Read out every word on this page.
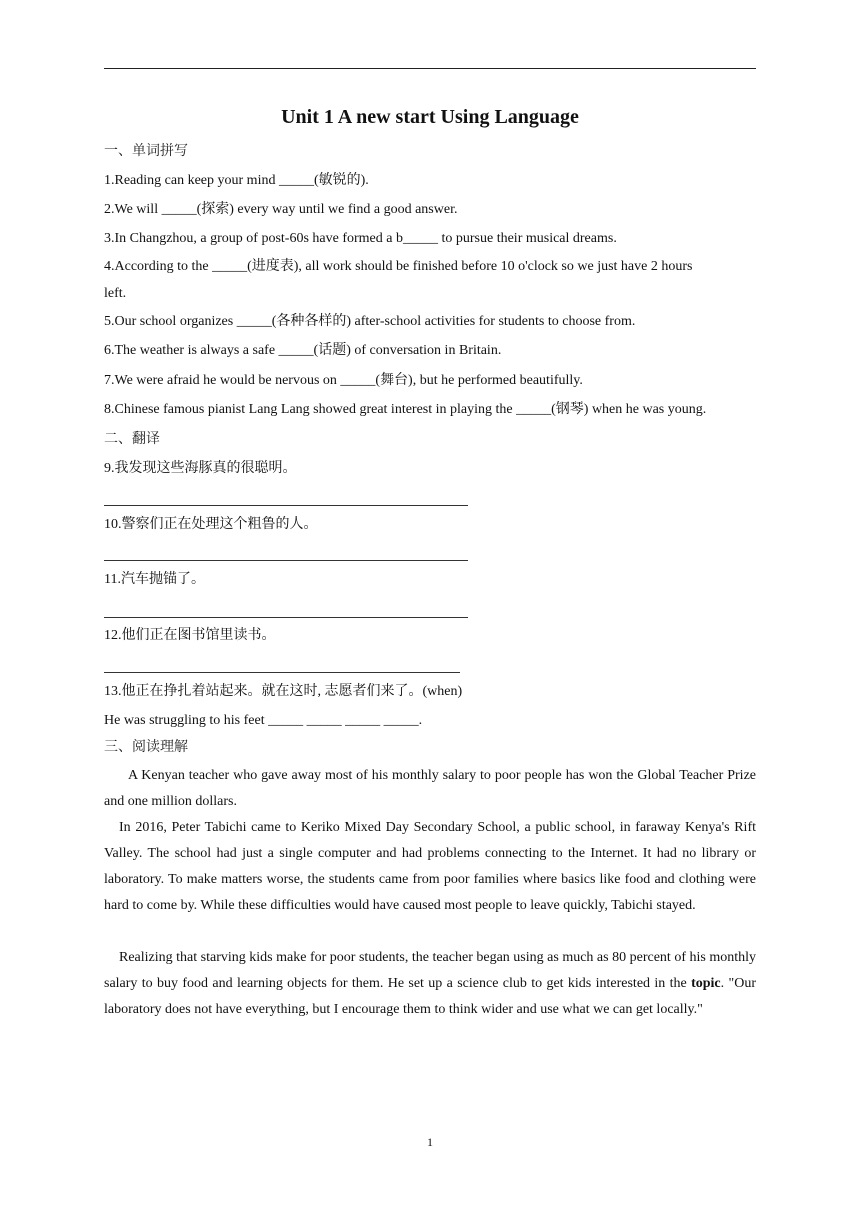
Unit 1 A new start Using Language
一、单词拼写
1.Reading can keep your mind _____(敏锐的).
2.We will _____(探索) every way until we find a good answer.
3.In Changzhou, a group of post-60s have formed a b_____ to pursue their musical dreams.
4.According to the _____(进度表), all work should be finished before 10 o'clock so we just have 2 hours
left.
5.Our school organizes _____(各种各样的) after-school activities for students to choose from.
6.The weather is always a safe _____(话题) of conversation in Britain.
7.We were afraid he would be nervous on _____(舞台), but he performed beautifully.
8.Chinese famous pianist Lang Lang showed great interest in playing the _____(钢琴) when he was young.
二、翻译
9.我发现这些海豚真的很聪明。
10.警察们正在处理这个粗鲁的人。
11.汽车抛锚了。
12.他们正在图书馆里读书。
13.他正在挣扎着站起来。就在这时, 志愿者们来了。(when)
He was struggling to his feet _____ _____ _____ _____.
三、阅读理解
A Kenyan teacher who gave away most of his monthly salary to poor people has won the Global Teacher Prize and one million dollars.
In 2016, Peter Tabichi came to Keriko Mixed Day Secondary School, a public school, in faraway Kenya's Rift Valley. The school had just a single computer and had problems connecting to the Internet. It had no library or laboratory. To make matters worse, the students came from poor families where basics like food and clothing were hard to come by. While these difficulties would have caused most people to leave quickly, Tabichi stayed.
Realizing that starving kids make for poor students, the teacher began using as much as 80 percent of his monthly salary to buy food and learning objects for them. He set up a science club to get kids interested in the topic. "Our laboratory does not have everything, but I encourage them to think wider and use what we can get locally."
1
